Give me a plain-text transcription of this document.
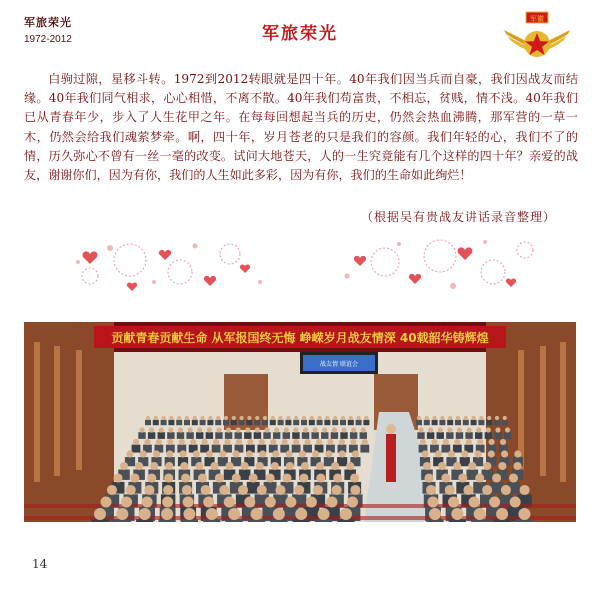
军旅荣光
1972-2012	军旅荣光
军徽

白驹过隙，星移斗转。1972到2012转眼就是四十年。40年我们因当兵而自豪，我们因战友而结缘。40年我们同气相求，心心相惜，不离不散。40年我们苟富贵，不相忘，贫贱，情不浅。40年我们已从青春年少，步入了人生花甲之年。在每每回想起当兵的历史，仍然会热血沸腾，那军营的一草一木，仍然会给我们魂萦梦牵。啊，四十年，岁月苍老的只是我们的容颜。我们年轻的心，我们不了的情，历久弥心不曾有一丝一毫的改变。试问大地苍天，人的一生究竟能有几个这样的四十年？亲爱的战友，谢谢你们，因为有你，我们的人生如此多彩，因为有你，我们的生命如此绚烂！

（根据吴有贵战友讲话录音整理）
贡献青春贡献生命 从军报国终无悔 峥嵘岁月战友情深 40载韶华铸辉煌
战友情 联谊会
14
